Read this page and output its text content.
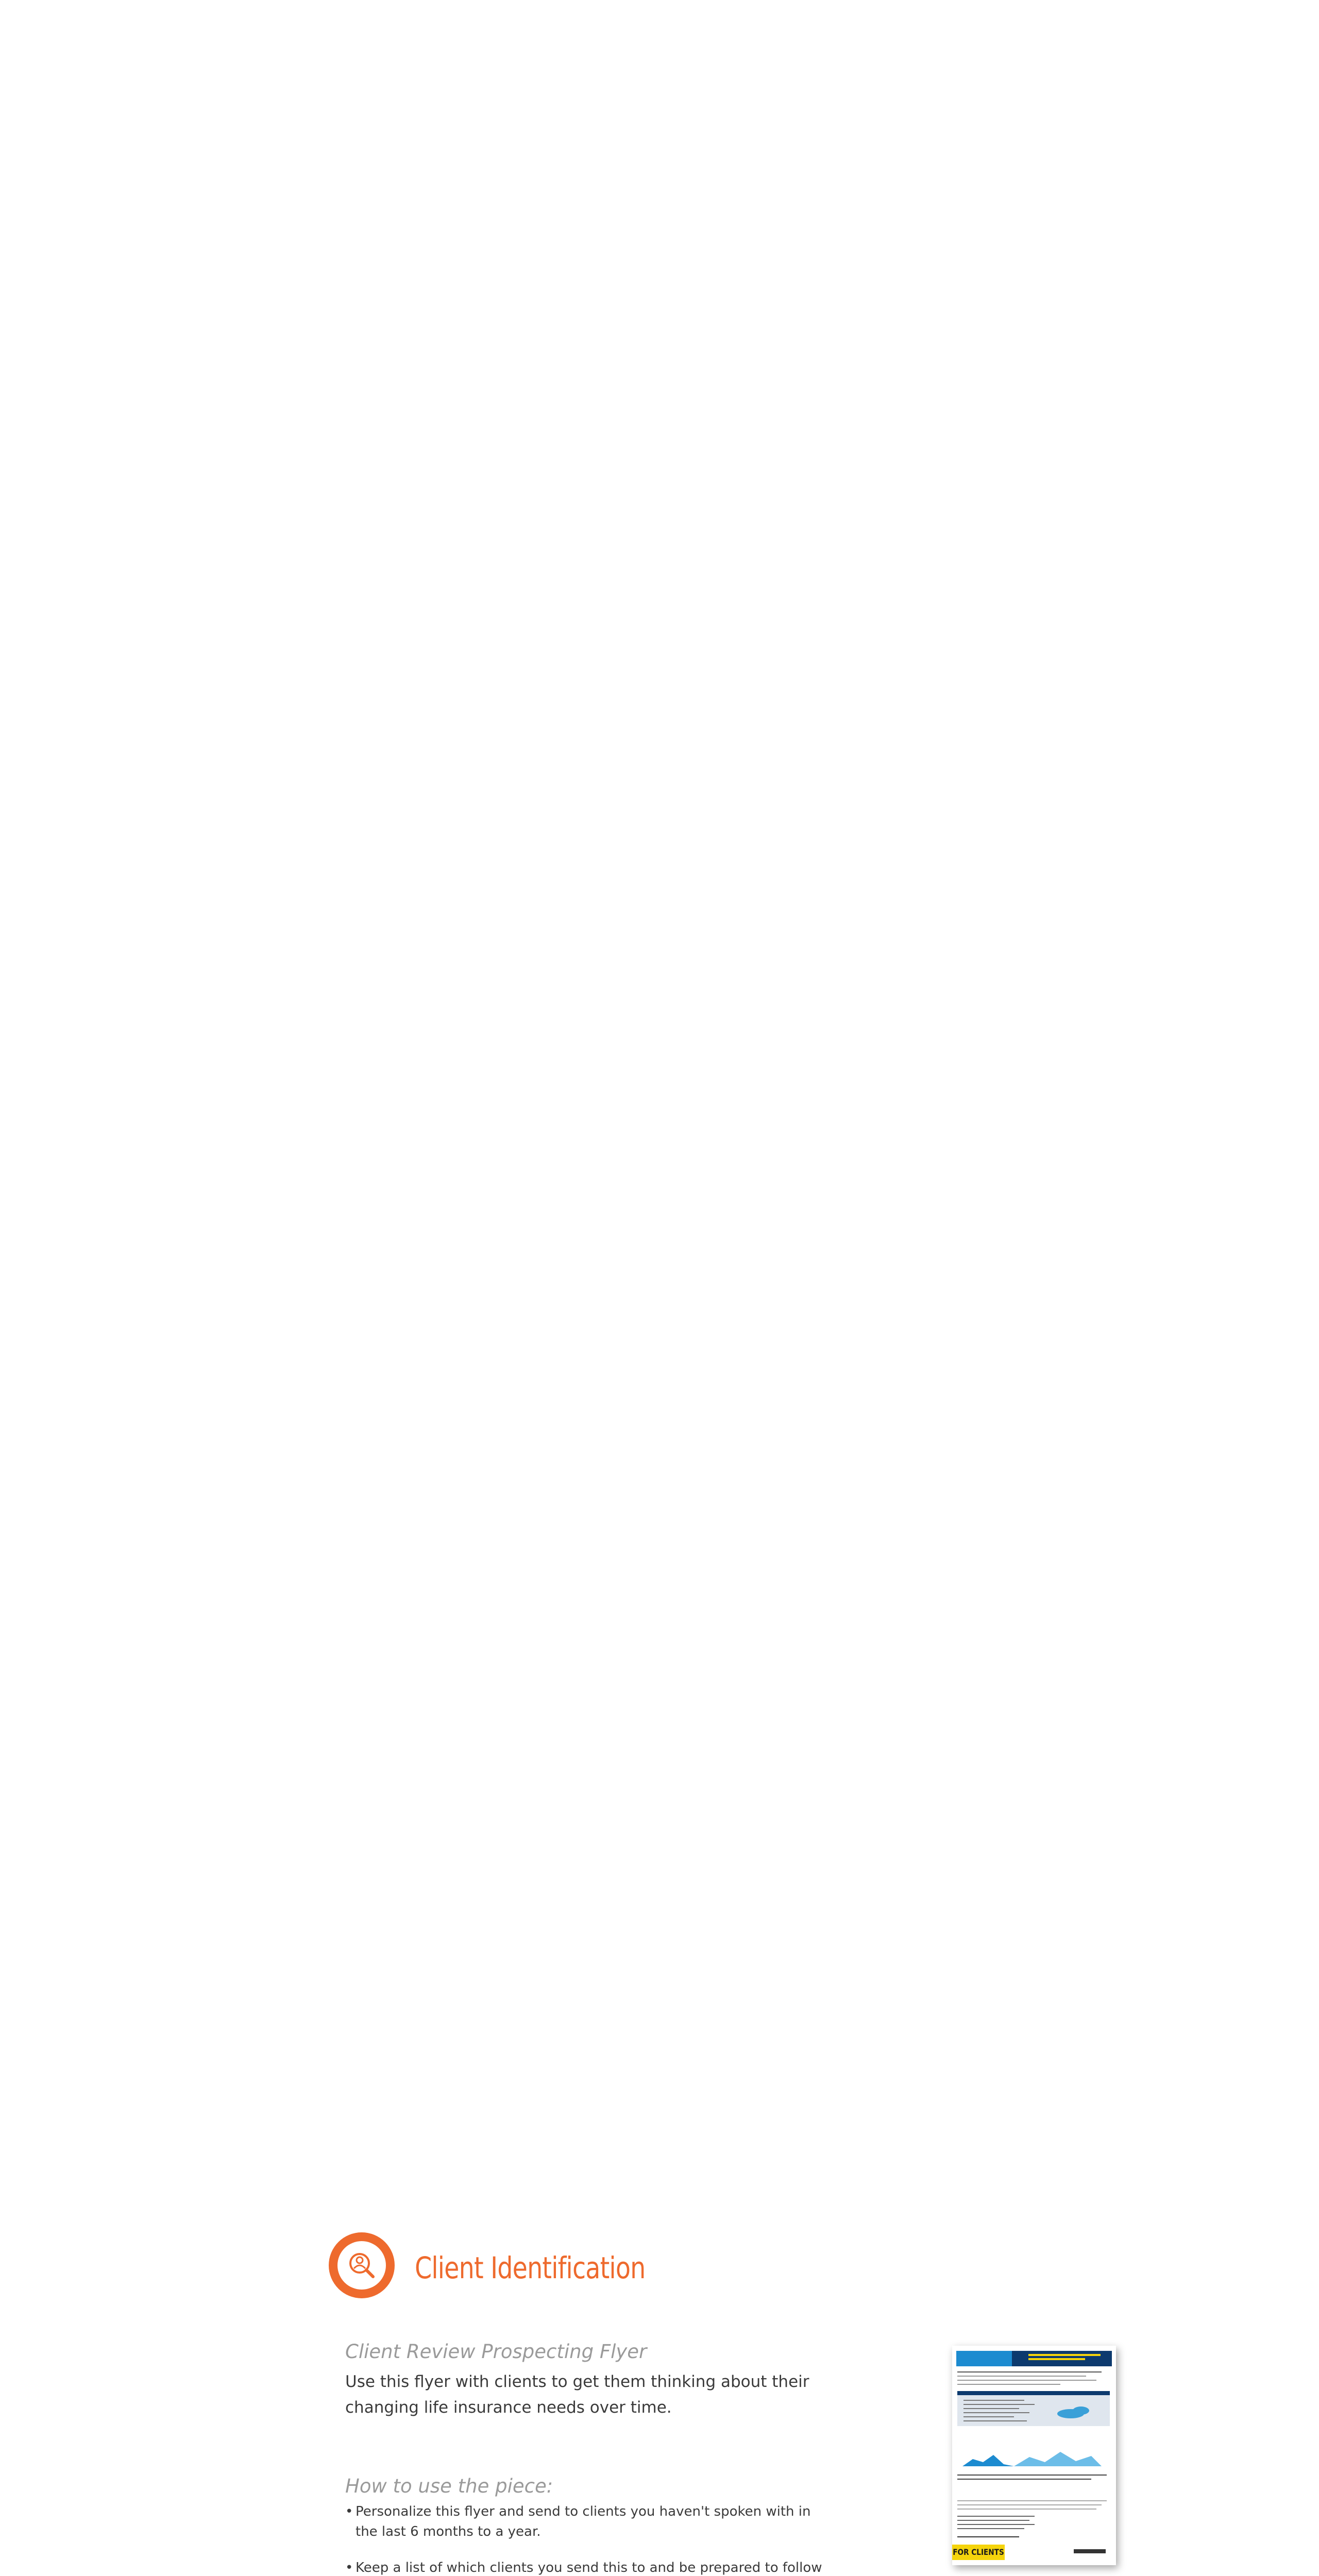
Client Identification
Client Review Prospecting Flyer
Use this flyer with clients to get them thinking about their changing life insurance needs over time.
How to use the piece:
• Personalize this flyer and send to clients you haven't spoken with in the last 6 months to a year.
• Keep a list of which clients you send this to and be prepared to follow
FOR CLIENTS
